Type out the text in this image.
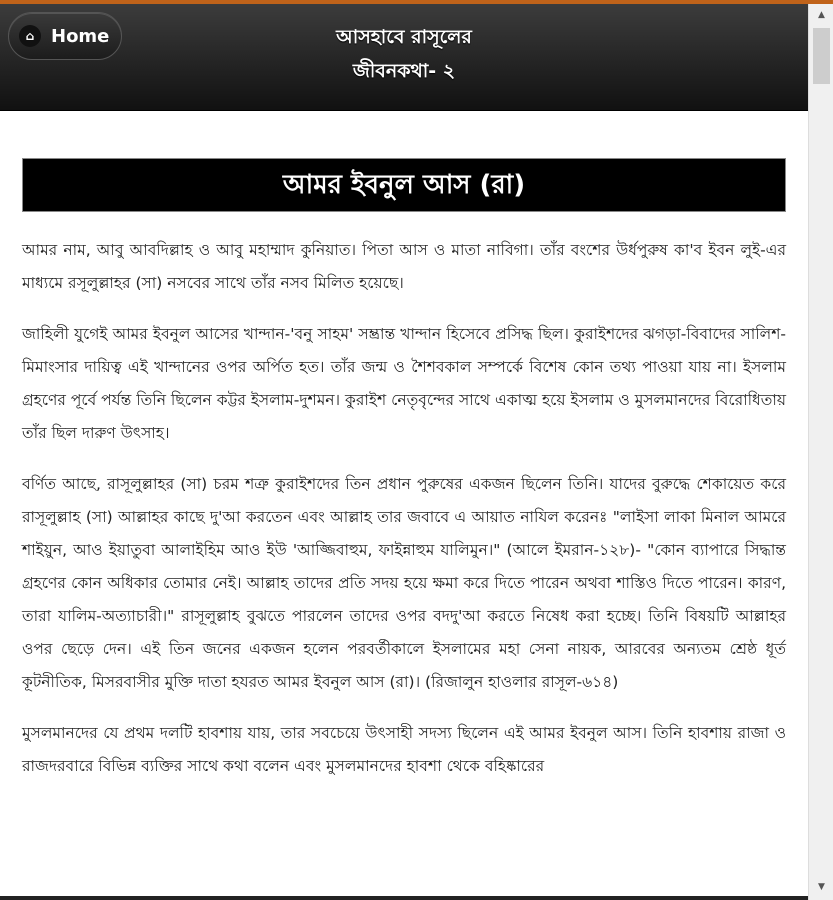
⌂ Home	আসহাবে রাসূলের
জীবনকথা- ২
আমর ইবনুল আস (রা)

আমর নাম, আবু আবদিল্লাহ ও আবু মহাম্মাদ কুনিয়াত। পিতা আস ও মাতা নাবিগা। তাঁর বংশের উর্ধপুরুষ কা'ব ইবন লুই-এর মাধ্যমে রসূলুল্লাহর (সা) নসবের সাথে তাঁর নসব মিলিত হয়েছে।

জাহিলী যুগেই আমর ইবনুল আসের খান্দান-'বনু সাহম' সম্ভ্রান্ত খান্দান হিসেবে প্রসিদ্ধ ছিল। কুরাইশদের ঝগড়া-বিবাদের সালিশ-মিমাংসার দায়িত্ব এই খান্দানের ওপর অর্পিত হত। তাঁর জন্ম ও শৈশবকাল সম্পর্কে বিশেষ কোন তথ্য পাওয়া যায় না। ইসলাম গ্রহণের পূর্বে পর্যন্ত তিনি ছিলেন কট্টর ইসলাম-দুশমন। কুরাইশ নেতৃবৃন্দের সাথে একাত্ম হয়ে ইসলাম ও মুসলমানদের বিরোধিতায় তাঁর ছিল দারুণ উৎসাহ।

বর্ণিত আছে, রাসূলুল্লাহর (সা) চরম শত্রু কুরাইশদের তিন প্রধান পুরুষের একজন ছিলেন তিনি। যাদের বুরুদ্ধে শেকায়েত করে রাসূলুল্লাহ (সা) আল্লাহর কাছে দু'আ করতেন এবং আল্লাহ তার জবাবে এ আয়াত নাযিল করেনঃ "লাইসা লাকা মিনাল আমরে শাইয়ুন, আও ইয়াতুবা আলাইহিম আও ইউ 'আজ্জিবাহুম, ফাইন্নাহুম যালিমুন।" (আলে ইমরান-১২৮)- "কোন ব্যাপারে সিদ্ধান্ত গ্রহণের কোন অধিকার তোমার নেই। আল্লাহ তাদের প্রতি সদয় হয়ে ক্ষমা করে দিতে পারেন অথবা শাস্তিও দিতে পারেন। কারণ, তারা যালিম-অত্যাচারী।" রাসূলুল্লাহ বুঝতে পারলেন তাদের ওপর বদদু'আ করতে নিষেধ করা হচ্ছে। তিনি বিষয়টি আল্লাহর ওপর ছেড়ে দেন। এই তিন জনের একজন হলেন পরবর্তীকালে ইসলামের মহা সেনা নায়ক, আরবের অন্যতম শ্রেষ্ঠ ধূর্ত কূটনীতিক, মিসরবাসীর মুক্তি দাতা হযরত আমর ইবনুল আস (রা)। (রিজালুন হাওলার রাসূল-৬১৪)

মুসলমানদের যে প্রথম দলটি হাবশায় যায়, তার সবচেয়ে উৎসাহী সদস্য ছিলেন এই আমর ইবনুল আস। তিনি হাবশায় রাজা ও রাজদরবারে বিভিন্ন ব্যক্তির সাথে কথা বলেন এবং মুসলমানদের হাবশা থেকে বহিষ্কারের

▲
▼
